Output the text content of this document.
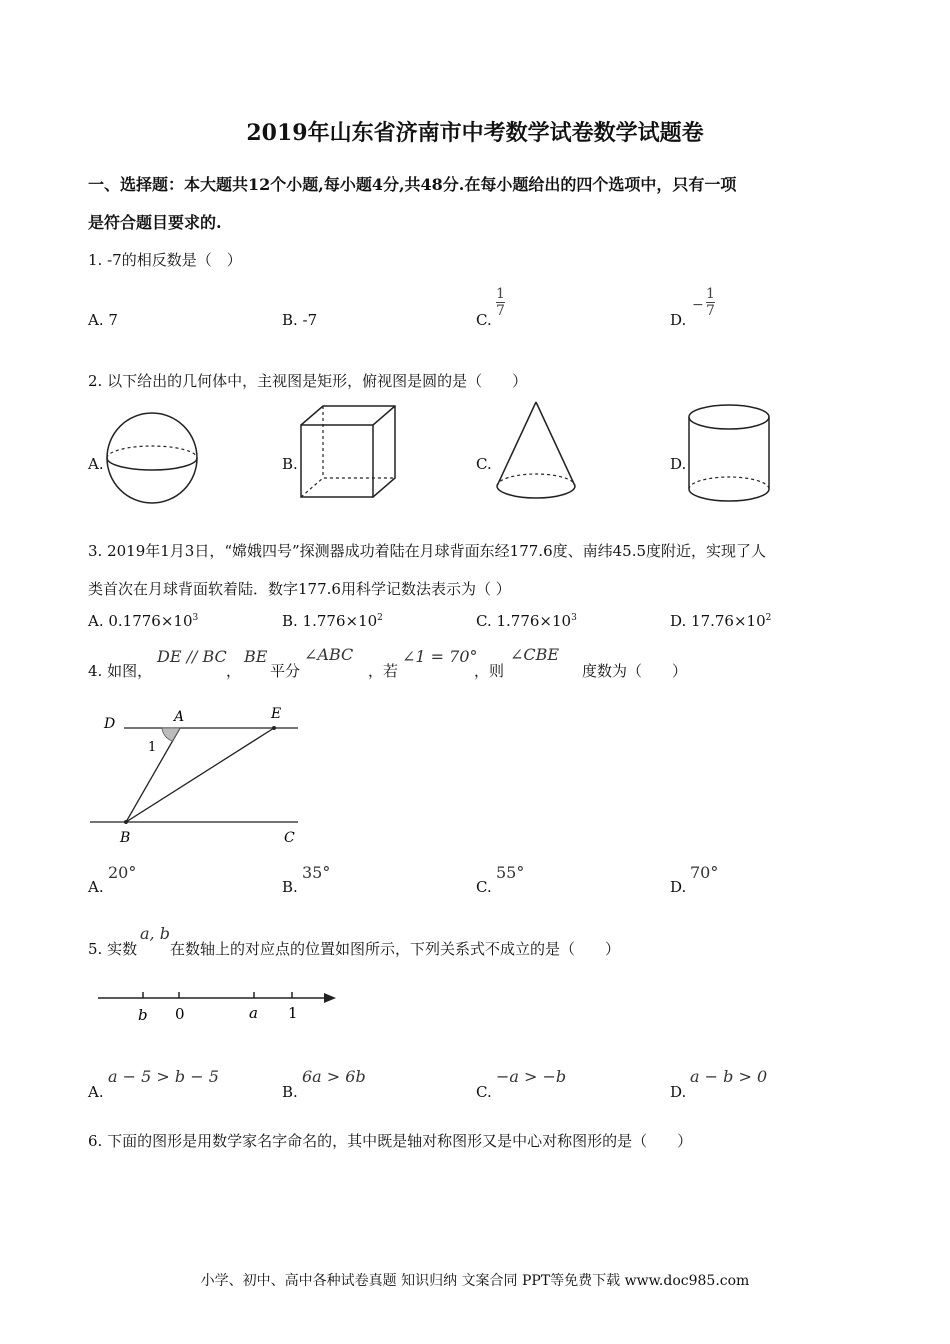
2019年山东省济南市中考数学试卷数学试题卷
一、选择题：本大题共12个小题,每小题4分,共48分.在每小题给出的四个选项中，只有一项
是符合题目要求的.
1. -7的相反数是（　）
A. 7	B. -7	C.
$\frac{1}{7}$
D.
− $\frac{1}{7}$
2. 以下给出的几何体中，主视图是矩形，俯视图是圆的是（　　）
A.	B.	C.	D.
3. 2019年1月3日，“嫦娥四号”探测器成功着陆在月球背面东经177.6度、南纬45.5度附近，实现了人
类首次在月球背面软着陆．数字177.6用科学记数法表示为（ ）
A. $0.1776\times 10^3$	B. $1.776\times 10^2$	C. $1.776\times 10^3$	D. $17.76\times 10^2$
4. 如图，
DE // BC
，
BE
平分
∠ABC
，若
∠1 = 70°
，则
∠CBE
度数为（　　）
D	A	E
1
B	C
A.
20°
B.
35°
C.
55°
D.
70°
5. 实数
a, b
在数轴上的对应点的位置如图所示，下列关系式不成立的是（　　）
b 0	a 1
A.
a − 5 > b − 5
B.
6a > 6b
C.
−a > −b
D.
a − b > 0
6. 下面的图形是用数学家名字命名的，其中既是轴对称图形又是中心对称图形的是（　　）
小学、初中、高中各种试卷真题 知识归纳 文案合同 PPT等免费下载 www.doc985.com
